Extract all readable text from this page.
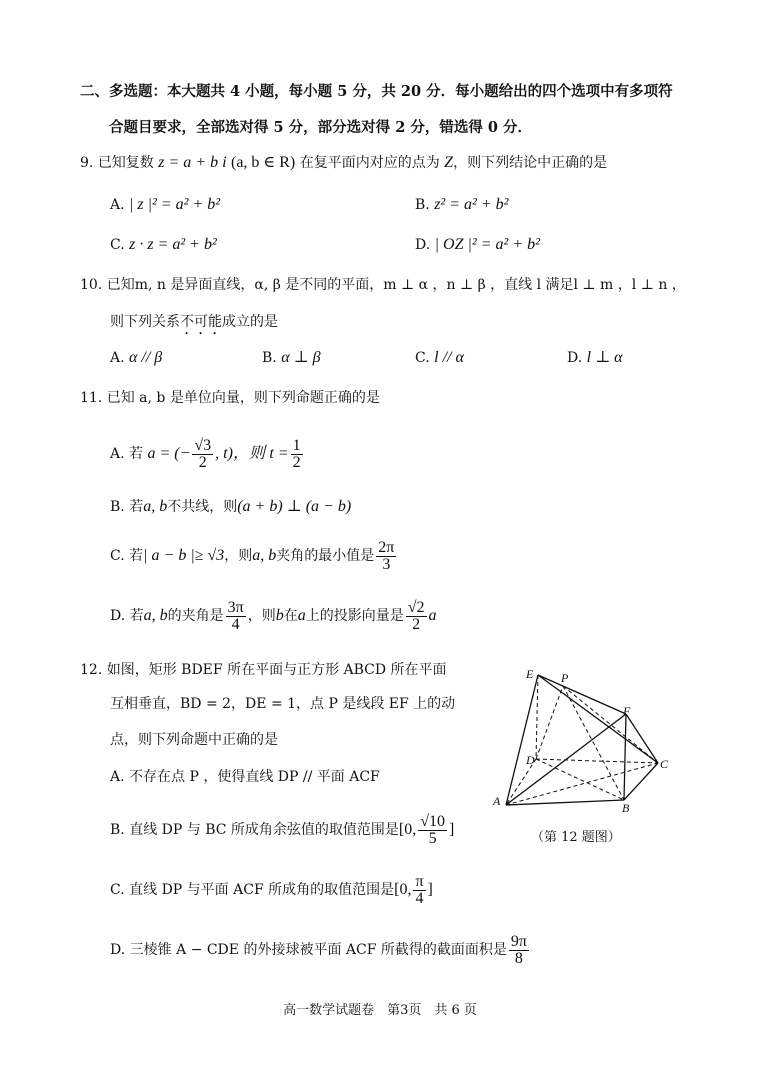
二、多选题：本大题共 4 小题，每小题 5 分，共 20 分．每小题给出的四个选项中有多项符
合题目要求，全部选对得 5 分，部分选对得 2 分，错选得 0 分．
9. 已知复数 z = a + b i (a, b ∈ R) 在复平面内对应的点为 Z，则下列结论中正确的是
A. | z |² = a² + b²	B. z² = a² + b²
C. z · z = a² + b²	D. | OZ |² = a² + b²
10. 已知m, n 是异面直线，α, β 是不同的平面，m ⊥ α ，n ⊥ β ，直线 l 满足l ⊥ m ，l ⊥ n ，
则下列关系不可能成立的是
A. α // β	B. α ⊥ β	C. l // α	D. l ⊥ α
11. 已知 a, b 是单位向量，则下列命题正确的是
A. 若 a = (− $\frac{√3}{2}$ , t)，则 $t = \frac{1}{2}$
B. 若a, b不共线，则(a + b) ⊥ (a − b)
C. 若| a − b |≥ √3，则a, b夹角的最小值是 $\frac{2\pi}{3}$
D. 若a, b的夹角是 $\frac{3\pi}{4}$ ，则b在a上的投影向量是 $\frac{√2}{2}$ a
12. 如图，矩形 BDEF 所在平面与正方形 ABCD 所在平面
互相垂直，BD = 2，DE = 1，点 P 是线段 EF 上的动
点，则下列命题中正确的是
A. 不存在点 P ，使得直线 DP // 平面 ACF
B. 直线 DP 与 BC 所成角余弦值的取值范围是[0, $\frac{√10}{5}$ ]
C. 直线 DP 与平面 ACF 所成角的取值范围是[0, $\frac{\pi}{4}$ ]
D. 三棱锥 A − CDE 的外接球被平面 ACF 所截得的截面面积是 $\frac{9\pi}{8}$
E P
F
D	C
A	B
（第 12 题图）
高一数学试题卷　第3页　共 6 页
